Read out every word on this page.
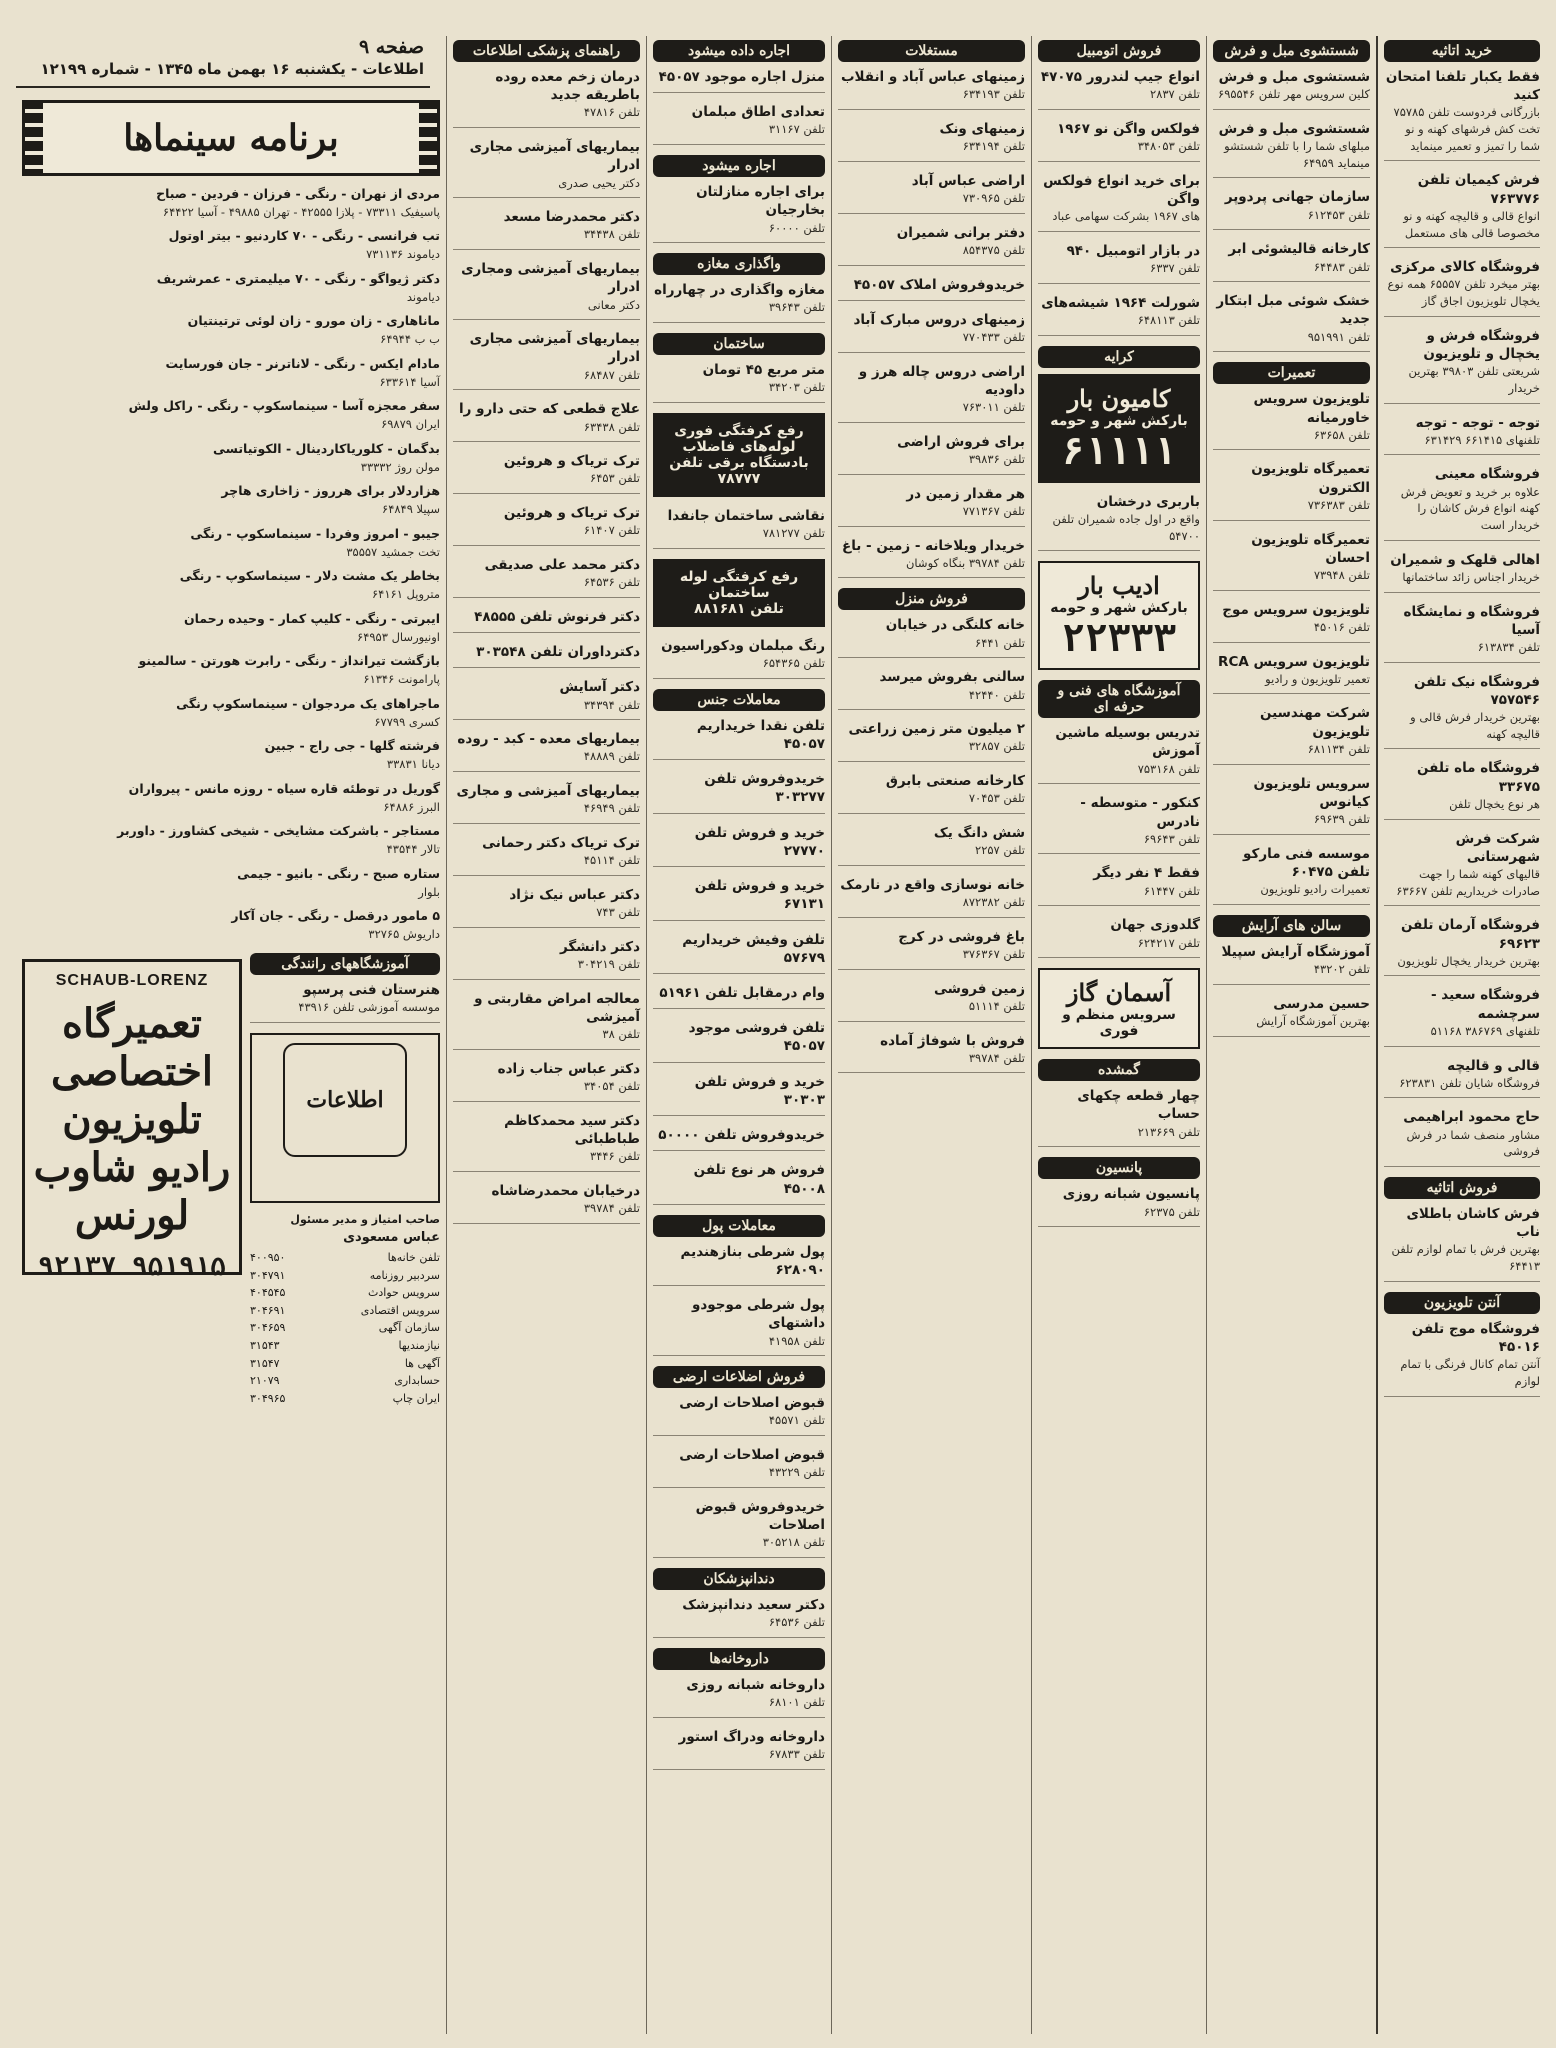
خرید اتاثیه
فقط یکبار تلفنا امتحان کنید
بازرگانی فردوست تلفن ۷۵۷۸۵ تخت کش فرشهای کهنه و نو شما را تمیز و تعمیر مینماید
فرش کیمیان تلفن ۷۶۳۷۷۶
انواع قالی و قالیچه کهنه و نو مخصوصا قالی های مستعمل
فروشگاه کالای مرکزی
بهتر میخرد تلفن ۶۵۵۵۷ همه نوع یخچال تلویزیون اجاق گاز
فروشگاه فرش و یخچال و تلویزیون
شریعتی تلفن ۳۹۸۰۳ بهترین خریدار
توجه - توجه - توجه
تلفنهای ۶۶۱۴۱۵ ۶۳۱۴۲۹
فروشگاه معینی
علاوه بر خرید و تعویض فرش کهنه انواع فرش کاشان را خریدار است
اهالی قلهک و شمیران
خریدار اجناس زائد ساختمانها
فروشگاه و نمایشگاه آسیا
تلفن ۶۱۳۸۳۴
فروشگاه نیک تلفن ۷۵۷۵۴۶
بهترین خریدار فرش قالی و قالیچه کهنه
فروشگاه ماه تلفن ۳۳۶۷۵
هر نوع یخچال تلفن
شرکت فرش شهرستانی
قالیهای کهنه شما را جهت صادرات خریداریم تلفن ۶۳۶۶۷
فروشگاه آرمان تلفن ۶۹۶۲۳
بهترین خریدار یخچال تلویزیون
فروشگاه سعید - سرچشمه
تلفنهای ۳۸۶۷۶۹ ۵۱۱۶۸
قالی و قالیچه
فروشگاه شایان تلفن ۶۲۳۸۳۱
حاج محمود ابراهیمی
مشاور منصف شما در فرش فروشی
فروش اتاثیه
فرش کاشان باطلای ناب
بهترین فرش با تمام لوازم تلفن ۶۴۴۱۳
آنتن تلویزیون
فروشگاه موج تلفن ۴۵۰۱۶
آنتن تمام کانال فرنگی با تمام لوازم
شستشوی مبل و فرش
شستشوی مبل و فرش
کلین سرویس مهر تلفن ۶۹۵۵۴۶
شستشوی مبل و فرش
مبلهای شما را با تلفن شستشو مینماید ۶۴۹۵۹
سازمان جهانی پردوپر
تلفن ۶۱۲۴۵۳
کارخانه قالیشوئی ابر
تلفن ۶۴۴۸۳
خشک شوئی مبل ابتکار جدید
تلفن ۹۵۱۹۹۱
تعمیرات
تلویزیون سرویس خاورمیانه
تلفن ۶۳۶۵۸
تعمیرگاه تلویزیون الکترون
تلفن ۷۳۶۳۸۳
تعمیرگاه تلویزیون احسان
تلفن ۷۳۹۴۸
تلویزیون سرویس موج
تلفن ۴۵۰۱۶
تلویزیون سرویس RCA
تعمیر تلویزیون و رادیو
شرکت مهندسین تلویزیون
تلفن ۶۸۱۱۳۴
سرویس تلویزیون کیانوس
تلفن ۶۹۶۳۹
موسسه فنی مارکو تلفن ۶۰۴۷۵
تعمیرات رادیو تلویزیون
سالن های آرایش
آموزشگاه آرایش سپیلا
تلفن ۴۳۲۰۲
حسین مدرسی
بهترین آموزشگاه آرایش
فروش اتومبیل
انواع جیپ لندرور ۴۷۰۷۵
تلفن ۲۸۳۷
فولکس واگن نو ۱۹۶۷
تلفن ۳۴۸۰۵۳
برای خرید انواع فولکس واگن
های ۱۹۶۷ بشرکت سهامی عباد
در بازار اتومبیل ۹۴۰
تلفن ۶۳۳۷
شورلت ۱۹۶۴ شیشه‌های
تلفن ۶۴۸۱۱۳
کرایه
کامیون بار
بارکش شهر و حومه
۶۱۱۱۱
باربری درخشان
واقع در اول جاده شمیران تلفن ۵۴۷۰۰
ادیب بار
بارکش شهر و حومه
۲۲۳۳۳
آموزشگاه های فنی و حرفه ای
تدریس بوسیله ماشین آموزش
تلفن ۷۵۳۱۶۸
کنکور - متوسطه - نادرس
تلفن ۶۹۶۴۳
فقط ۴ نفر دیگر
تلفن ۶۱۴۴۷
گلدوزی جهان
تلفن ۶۲۴۲۱۷
آسمان گاز
سرویس منظم و فوری
گمشده
چهار قطعه چکهای حساب
تلفن ۲۱۳۶۶۹
پانسیون
پانسیون شبانه روزی
تلفن ۶۲۳۷۵
مستغلات
زمینهای عباس آباد و انقلاب
تلفن ۶۳۴۱۹۳
زمینهای ونک
تلفن ۶۳۴۱۹۴
اراضی عباس آباد
تلفن ۷۳۰۹۶۵
دفتر برانی شمیران
تلفن ۸۵۴۳۷۵
خریدوفروش املاک ۴۵۰۵۷
زمینهای دروس مبارک آباد
تلفن ۷۷۰۴۳۳
اراضی دروس چاله هرز و داودیه
تلفن ۷۶۳۰۱۱
برای فروش اراضی
تلفن ۳۹۸۳۶
هر مقدار زمین در
تلفن ۷۷۱۳۶۷
خریدار ویلاخانه - زمین - باغ
تلفن ۳۹۷۸۴ بنگاه کوشان
فروش منزل
خانه کلنگی در خیابان
تلفن ۶۴۴۱
سالنی بفروش میرسد
تلفن ۴۲۴۴۰
۲ میلیون متر زمین زراعتی
تلفن ۳۲۸۵۷
کارخانه صنعتی بابرق
تلفن ۷۰۴۵۳
شش دانگ یک
تلفن ۲۲۵۷
خانه نوسازی واقع در نارمک
تلفن ۸۷۲۳۸۲
باغ فروشی در کرج
تلفن ۳۷۶۳۶۷
زمین فروشی
تلفن ۵۱۱۱۴
فروش با شوفاژ آماده
تلفن ۳۹۷۸۴
اجاره داده میشود
منزل اجاره موجود ۴۵۰۵۷
تعدادی اطاق مبلمان
تلفن ۳۱۱۶۷
اجاره میشود
برای اجاره منازلتان بخارجیان
تلفن ۶۰۰۰۰
واگذاری مغازه
مغازه واگذاری در چهارراه
تلفن ۳۹۶۴۳
ساختمان
متر مربع ۴۵ تومان
تلفن ۳۴۲۰۳
رفع کرفتگی فوری لوله‌های فاضلاب
بادستگاه برقی تلفن ۷۸۷۷۷
نقاشی ساختمان جانفدا
تلفن ۷۸۱۲۷۷
رفع کرفتگی لوله ساختمان
تلفن ۸۸۱۶۸۱
رنگ مبلمان ودکوراسیون
تلفن ۶۵۴۳۶۵
معاملات جنس
تلفن نقدا خریداریم ۴۵۰۵۷
خریدوفروش تلفن ۳۰۳۲۷۷
خرید و فروش تلفن ۲۷۷۷۰
خرید و فروش تلفن ۶۷۱۳۱
تلفن وفیش خریداریم ۵۷۶۷۹
وام درمقابل تلفن ۵۱۹۶۱
تلفن فروشی موجود ۴۵۰۵۷
خرید و فروش تلفن ۳۰۳۰۳
خریدوفروش تلفن ۵۰۰۰۰
فروش هر نوع تلفن ۴۵۰۰۸
معاملات پول
پول شرطی بنازهندیم ۶۲۸۰۹۰
پول شرطی موجودو داشتهای
تلفن ۴۱۹۵۸
فروش اضلاعات ارضی
قبوض اصلاحات ارضی
تلفن ۴۵۵۷۱
قبوض اصلاحات ارضی
تلفن ۴۳۲۲۹
خریدوفروش قبوض اصلاحات
تلفن ۳۰۵۲۱۸
دندانپزشکان
دکتر سعید دندانپزشک
تلفن ۶۴۵۳۶
داروخانه‌ها
داروخانه شبانه روزی
تلفن ۶۸۱۰۱
داروخانه ودراگ استور
تلفن ۶۷۸۳۳
راهنمای پزشکی اطلاعات
درمان زخم معده روده باطریقه جدید
تلفن ۴۷۸۱۶
بیماریهای آمیزشی مجاری ادرار
دکتر یحیی صدری
دکتر محمدرضا مسعد
تلفن ۳۴۴۳۸
بیماریهای آمیزشی ومجاری ادرار
دکتر معانی
بیماریهای آمیزشی مجاری ادرار
تلفن ۶۸۴۸۷
علاج قطعی که حتی دارو را
تلفن ۶۳۴۳۸
ترک تریاک و هروئین
تلفن ۶۴۵۳
ترک تریاک و هروئین
تلفن ۶۱۴۰۷
دکتر محمد علی صدیقی
تلفن ۶۴۵۳۶
دکتر فرنوش تلفن ۴۸۵۵۵
دکترداوران تلفن ۳۰۳۵۴۸
دکتر آسایش
تلفن ۳۴۳۹۴
بیماریهای معده - کبد - روده
تلفن ۴۸۸۸۹
بیماریهای آمیزشی و مجاری
تلفن ۴۶۹۴۹
ترک تریاک دکتر رحمانی
تلفن ۴۵۱۱۴
دکتر عباس نیک نژاد
تلفن ۷۴۳
دکتر دانشگر
تلفن ۳۰۴۲۱۹
معالجه امراض مقاربتی و آمیزشی
تلفن ۳۸
دکتر عباس جناب زاده
تلفن ۳۴۰۵۴
دکتر سید محمدکاظم طباطبائی
تلفن ۳۴۴۶
درخیابان محمدرضاشاه
تلفن ۳۹۷۸۴
برنامه سینماها
مردی از نهران - رنگی - فرزان - فردین - صباح
پاسیفیک ۷۳۳۱۱ - پلازا ۴۲۵۵۵ - تهران ۴۹۸۸۵ - آسیا ۶۴۴۲۲
تب فرانسی - رنگی - ۷۰ کاردنیو - بیتر اوتول
دیاموند ۷۳۱۱۳۶
دکتر ژیواگو - رنگی - ۷۰ میلیمتری - عمرشریف
دیاموند
ماناهاری - زان مورو - زان لوئی ترتینتیان
ب ب ۶۴۹۴۴
مادام ایکس - رنگی - لاناترنر - جان فورسایت
آسیا ۶۳۳۶۱۴
سفر معجزه آسا - سینماسکوپ - رنگی - راکل ولش
ایران ۶۹۸۷۹
بدگمان - کلوریاکاردینال - الکوتیاتسی
مولن روژ ۳۳۳۳۲
هزاردلار برای هرروز - زاخاری هاچر
سپیلا ۶۴۸۴۹
جیبو - امروز وفردا - سینماسکوپ - رنگی
تخت جمشید ۳۵۵۵۷
بخاطر یک مشت دلار - سینماسکوپ - رنگی
متروپل ۶۴۱۶۱
ایبرتی - رنگی - کلیپ کمار - وحیده رحمان
اونیورسال ۶۴۹۵۳
بازگشت تیرانداز - رنگی - رابرت هورتن - سالمینو
پارامونت ۶۱۳۴۶
ماجراهای یک مردجوان - سینماسکوپ رنگی
کسری ۶۷۷۹۹
فرشته گلها - جی راج - جبین
دیانا ۳۳۸۳۱
گوریل در توطئه قاره سیاه - روزه مانس - پیرواران
البرز ۶۴۸۸۶
مستاجر - باشرکت مشایخی - شیخی کشاورز - داوربر
تالار ۴۳۵۴۴
ستاره صبح - رنگی - بانیو - جیمی
بلوار
۵ مامور درقصل - رنگی - جان آکار
داریوش ۳۲۷۶۵
آموزشگاههای رانندگی
هنرستان فنی پرسپو
موسسه آموزشی تلفن ۴۳۹۱۶
اطلاعات
صاحب امتیاز و مدیر مسئول
عباس مسعودی
تلفن خانه‌ها
۴۰۰۹۵۰
سردبیر روزنامه
۳۰۴۷۹۱
سرویس حوادث
۴۰۴۵۴۵
سرویس اقتصادی
۳۰۴۶۹۱
سازمان آگهی
۳۰۴۶۵۹
نیازمندیها
۳۱۵۴۳
آگهی ها
۳۱۵۴۷
حسابداری
۲۱۰۷۹
ایران چاپ
۳۰۴۹۶۵
SCHAUB-LORENZ
تعمیرگاه اختصاصی تلویزیون رادیو شاوب لورنس
۹۲۱۳۷ ۹۵۱۹۱۵
صفحه ۹
اطلاعات - یکشنبه ۱۶ بهمن ماه ۱۳۴۵ - شماره ۱۲۱۹۹
